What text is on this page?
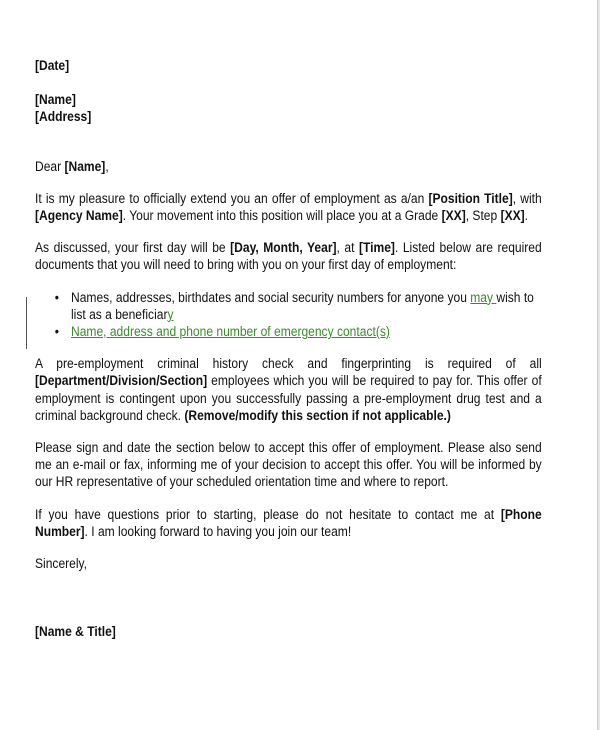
[Date]

[Name]

[Address]

Dear [Name],

It is my pleasure to officially extend you an offer of employment as a/an [Position Title], with [Agency Name]. Your movement into this position will place you at a Grade [XX], Step [XX].

As discussed, your first day will be [Day, Month, Year], at [Time]. Listed below are required documents that you will need to bring with you on your first day of employment:

• Names, addresses, birthdates and social security numbers for anyone you may wish to list as a beneficiary
• Name, address and phone number of emergency contact(s)

A pre-employment criminal history check and fingerprinting is required of all [Department/Division/Section] employees which you will be required to pay for. This offer of employment is contingent upon you successfully passing a pre-employment drug test and a criminal background check. (Remove/modify this section if not applicable.)

Please sign and date the section below to accept this offer of employment. Please also send me an e-mail or fax, informing me of your decision to accept this offer. You will be informed by our HR representative of your scheduled orientation time and where to report.

If you have questions prior to starting, please do not hesitate to contact me at [Phone Number]. I am looking forward to having you join our team!

Sincerely,

[Name & Title]
